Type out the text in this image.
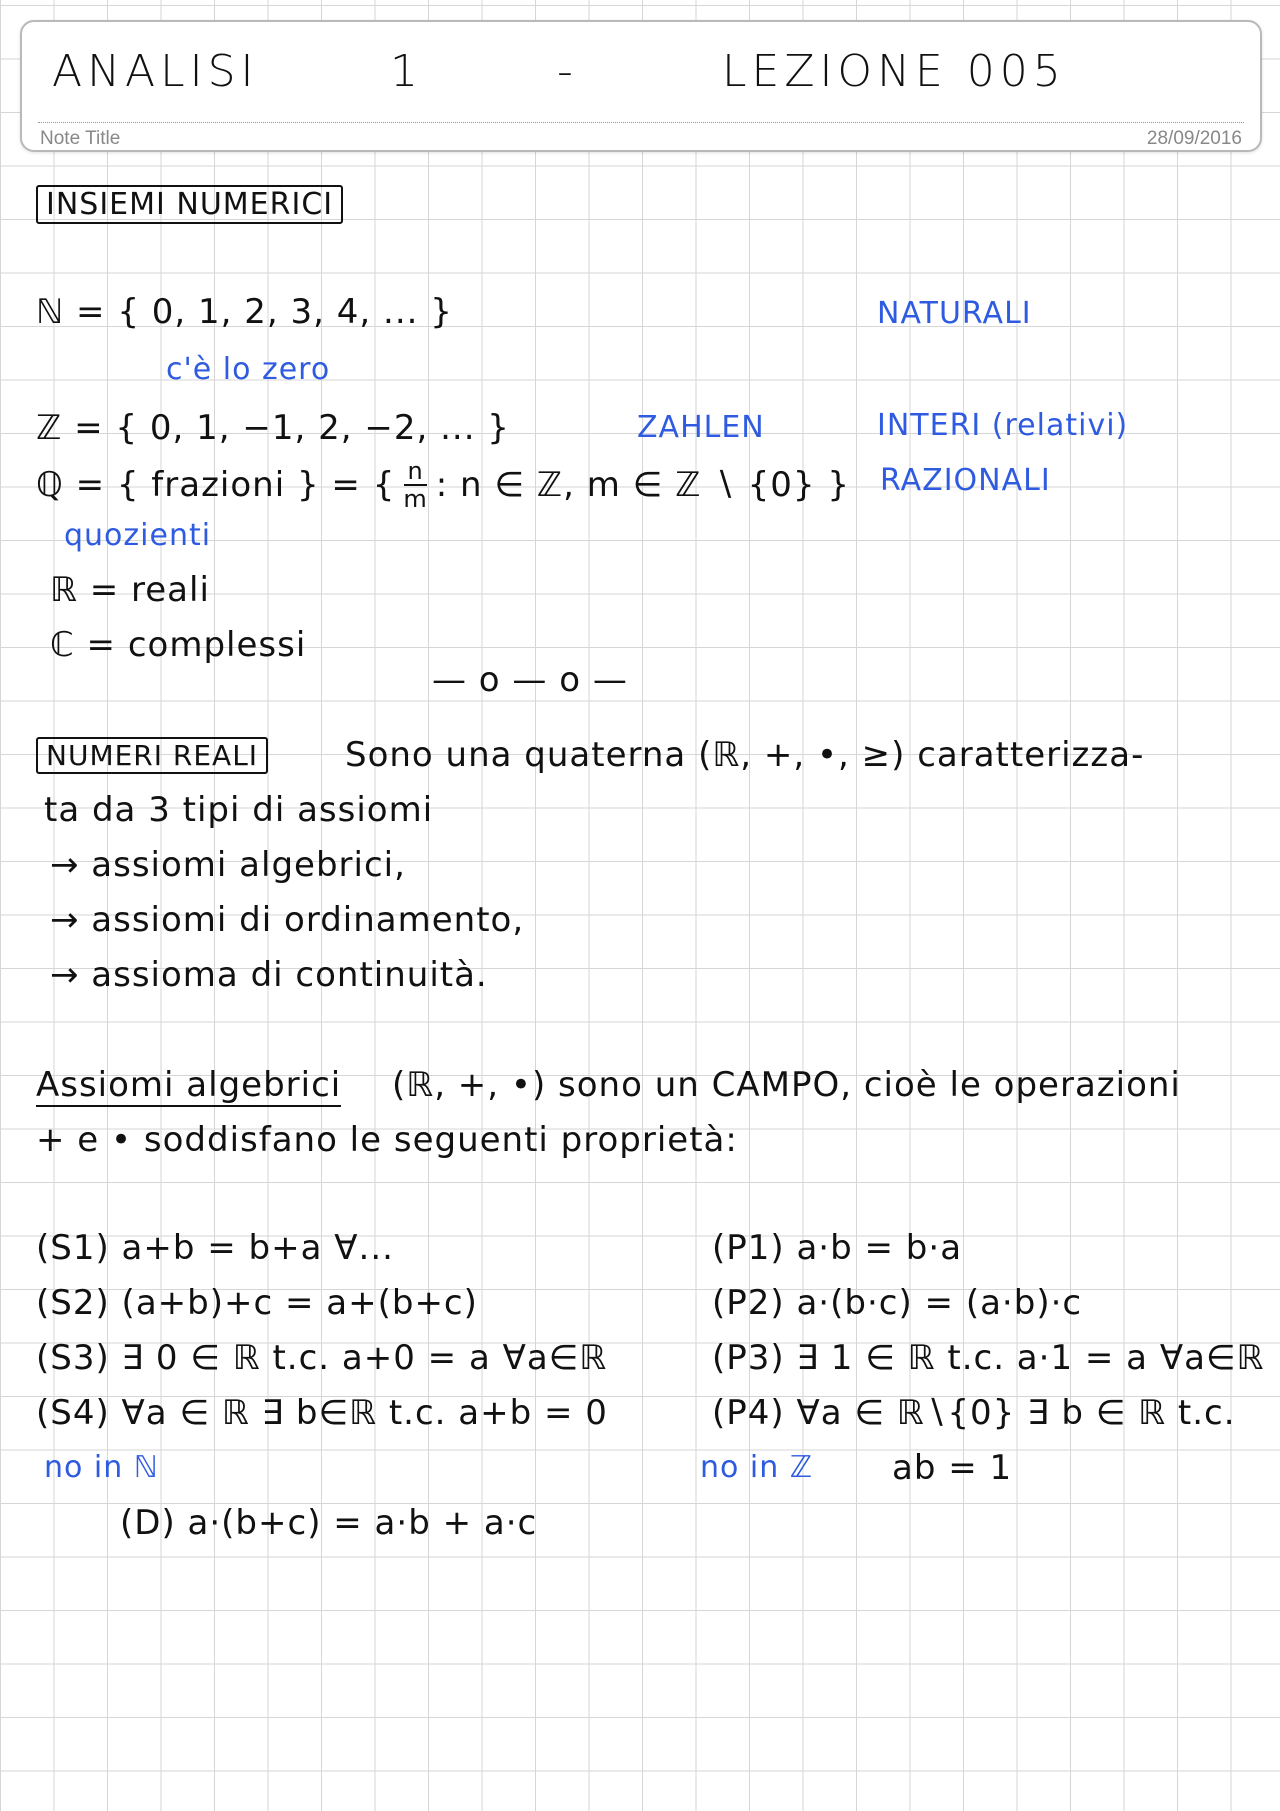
ANALISI	1	-	LEZIONE 005
Note Title	28/09/2016
INSIEMI NUMERICI
ℕ = { 0, 1, 2, 3, 4, ... }
c'è lo zero
NATURALI
ℤ = { 0, 1, −1, 2, −2, ... }	ZAHLEN	INTERI (relativi)
ℚ = { frazioni } = { $\frac{n}{m}$ : n ∈ ℤ, m ∈ ℤ ∖ {0} } RAZIONALI
quozienti
ℝ = reali
ℂ = complessi
— o — o —
NUMERI REALI	Sono una quaterna (ℝ, +, •, ≥) caratterizza-
ta da 3 tipi di assiomi
→ assiomi algebrici,
→ assiomi di ordinamento,
→ assioma di continuità.
Assiomi algebrici (ℝ, +, •) sono un CAMPO, cioè le operazioni
+ e • soddisfano le seguenti proprietà:
(S1) a+b = b+a ∀...
(S2) (a+b)+c = a+(b+c)
(S3) ∃ 0 ∈ ℝ t.c. a+0 = a ∀a∈ℝ
(S4) ∀a ∈ ℝ ∃ b∈ℝ t.c. a+b = 0
no in ℕ
(P1) a·b = b·a
(P2) a·(b·c) = (a·b)·c
(P3) ∃ 1 ∈ ℝ t.c. a·1 = a ∀a∈ℝ
(P4) ∀a ∈ ℝ∖{0} ∃ b ∈ ℝ t.c.
no in ℤ ab = 1
(D) a·(b+c) = a·b + a·c
